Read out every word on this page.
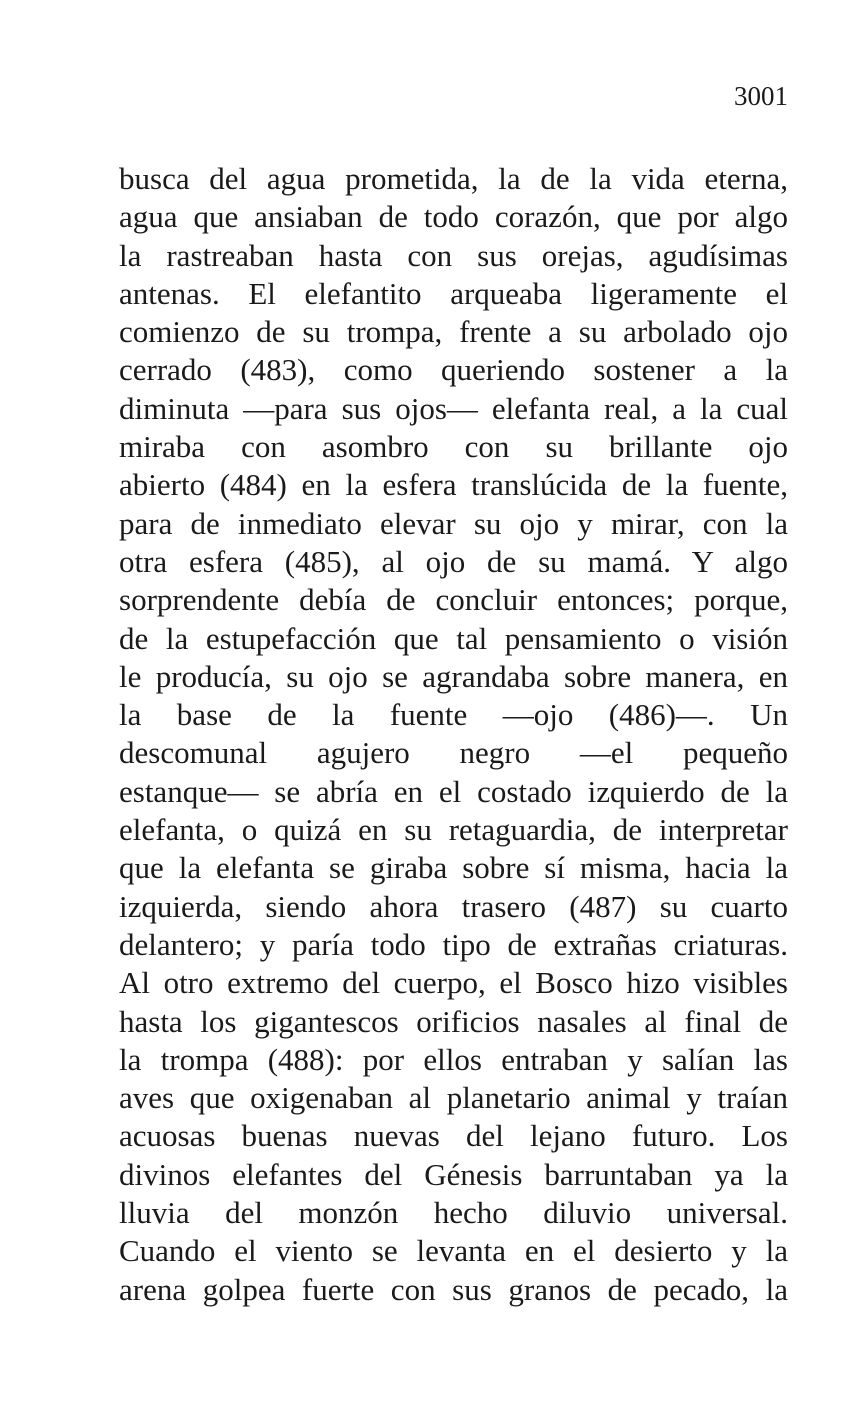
3001
busca del agua prometida, la de la vida eterna,
agua que ansiaban de todo corazón, que por algo
la rastreaban hasta con sus orejas, agudísimas
antenas. El elefantito arqueaba ligeramente el
comienzo de su trompa, frente a su arbolado ojo
cerrado (483), como queriendo sostener a la
diminuta —para sus ojos— elefanta real, a la cual
miraba con asombro con su brillante ojo
abierto (484) en la esfera translúcida de la fuente,
para de inmediato elevar su ojo y mirar, con la
otra esfera (485), al ojo de su mamá. Y algo
sorprendente debía de concluir entonces; porque,
de la estupefacción que tal pensamiento o visión
le producía, su ojo se agrandaba sobre manera, en
la base de la fuente —ojo (486)—. Un
descomunal agujero negro —el pequeño
estanque— se abría en el costado izquierdo de la
elefanta, o quizá en su retaguardia, de interpretar
que la elefanta se giraba sobre sí misma, hacia la
izquierda, siendo ahora trasero (487) su cuarto
delantero; y paría todo tipo de extrañas criaturas.
Al otro extremo del cuerpo, el Bosco hizo visibles
hasta los gigantescos orificios nasales al final de
la trompa (488): por ellos entraban y salían las
aves que oxigenaban al planetario animal y traían
acuosas buenas nuevas del lejano futuro. Los
divinos elefantes del Génesis barruntaban ya la
lluvia del monzón hecho diluvio universal.
Cuando el viento se levanta en el desierto y la
arena golpea fuerte con sus granos de pecado, la
